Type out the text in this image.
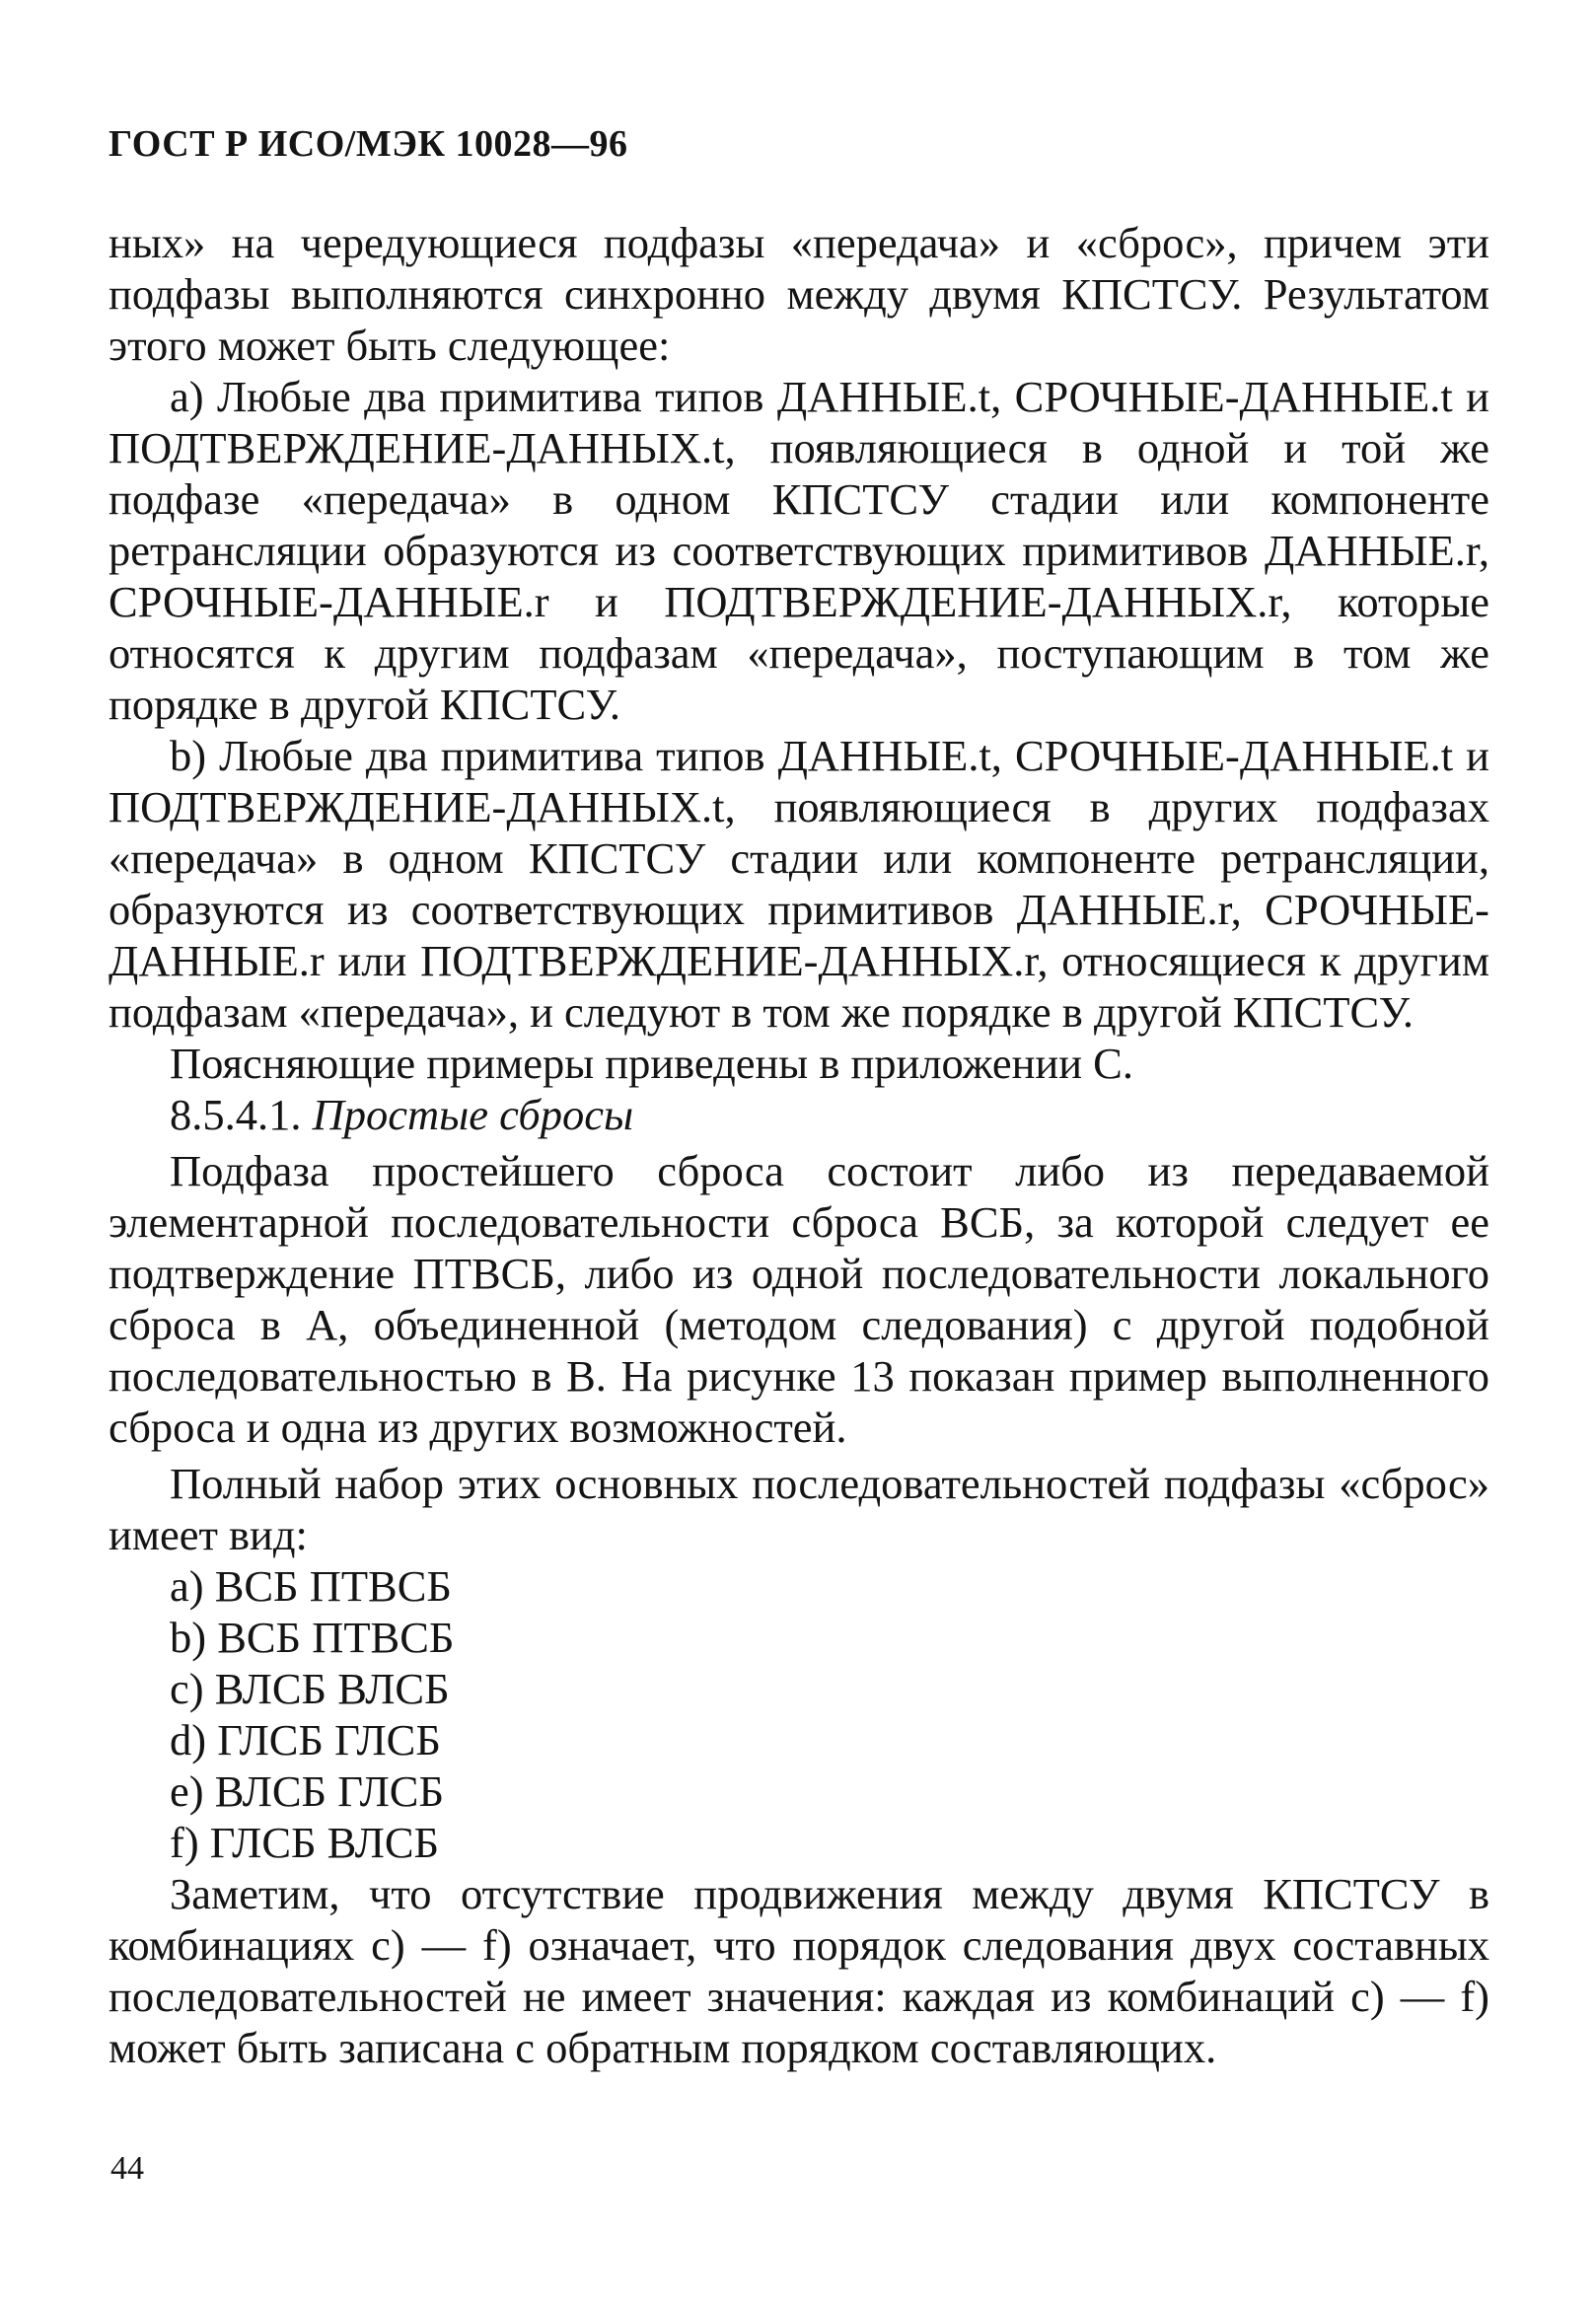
ГОСТ Р ИСО/МЭК 10028—96

ных» на чередующиеся подфазы «передача» и «сброс», причем эти подфазы выполняются синхронно между двумя КПСТСУ. Результатом этого может быть следующее:

a) Любые два примитива типов ДАННЫЕ.t, СРОЧНЫЕ-ДАННЫЕ.t и ПОДТВЕРЖДЕНИЕ-ДАННЫХ.t, появляющиеся в одной и той же подфазе «передача» в одном КПСТСУ стадии или компоненте ретрансляции образуются из соответствующих примитивов ДАННЫЕ.r, СРОЧНЫЕ-ДАННЫЕ.r и ПОДТВЕРЖДЕНИЕ-ДАННЫХ.r, которые относятся к другим подфазам «передача», поступающим в том же порядке в другой КПСТСУ.

b) Любые два примитива типов ДАННЫЕ.t, СРОЧНЫЕ-ДАННЫЕ.t и ПОДТВЕРЖДЕНИЕ-ДАННЫХ.t, появляющиеся в других подфазах «передача» в одном КПСТСУ стадии или компоненте ретрансляции, образуются из соответствующих примитивов ДАННЫЕ.r, СРОЧНЫЕ-ДАННЫЕ.r или ПОДТВЕРЖДЕНИЕ-ДАННЫХ.r, относящиеся к другим подфазам «передача», и следуют в том же порядке в другой КПСТСУ.

Поясняющие примеры приведены в приложении С.

8.5.4.1. Простые сбросы

Подфаза простейшего сброса состоит либо из передаваемой элементарной последовательности сброса ВСБ, за которой следует ее подтверждение ПТВСБ, либо из одной последовательности локального сброса в А, объединенной (методом следования) с другой подобной последовательностью в В. На рисунке 13 показан пример выполненного сброса и одна из других возможностей.

Полный набор этих основных последовательностей подфазы «сброс» имеет вид:

a) ВСБ ПТВСБ

b) ВСБ ПТВСБ

c) ВЛСБ ВЛСБ

d) ГЛСБ ГЛСБ

e) ВЛСБ ГЛСБ

f) ГЛСБ ВЛСБ

Заметим, что отсутствие продвижения между двумя КПСТСУ в комбинациях с) — f) означает, что порядок следования двух составных последовательностей не имеет значения: каждая из комбинаций с) — f) может быть записана с обратным порядком составляющих.

44
